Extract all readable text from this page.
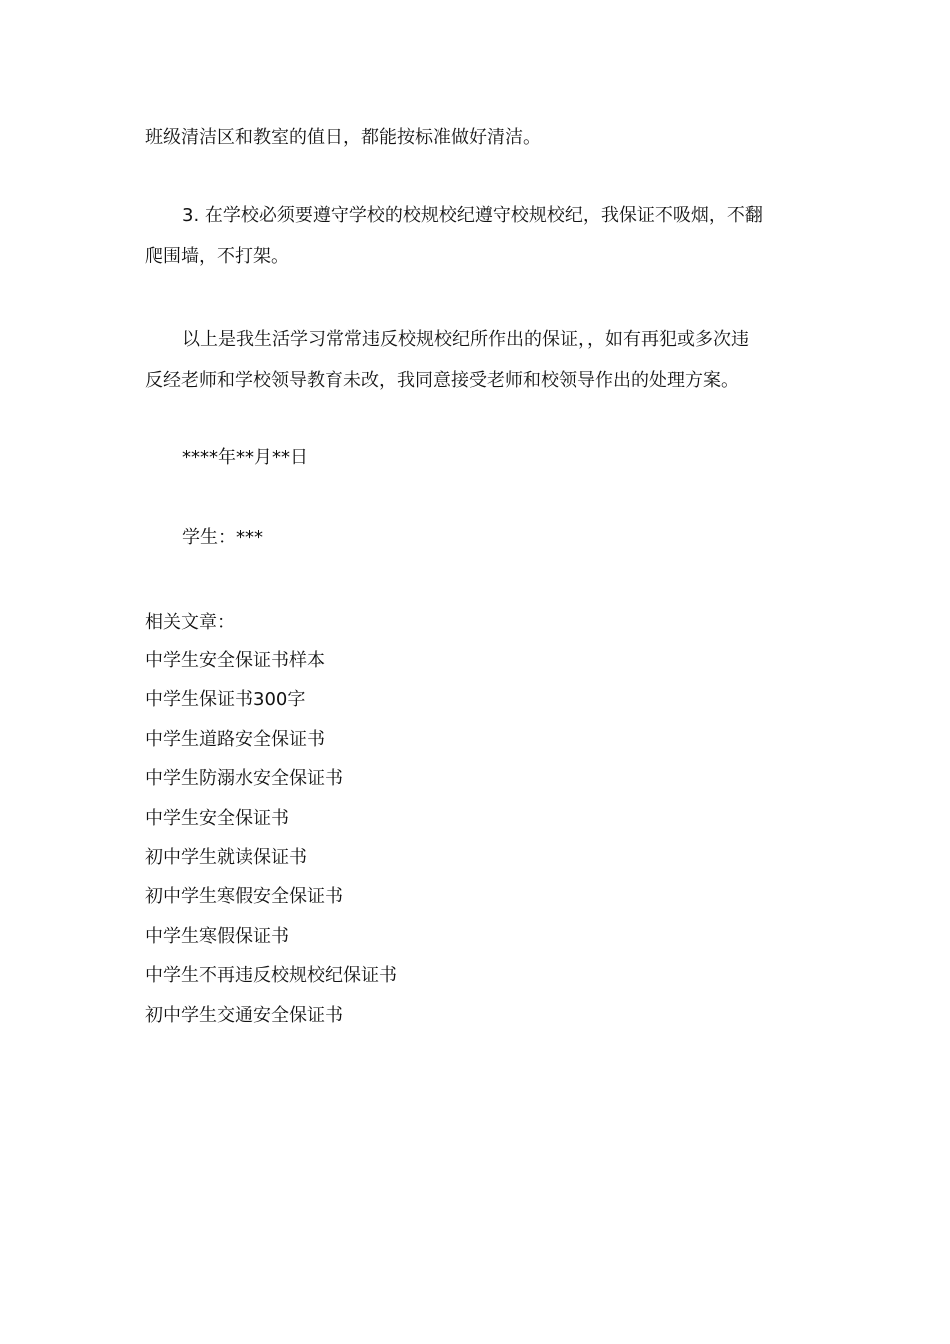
班级清洁区和教室的值日，都能按标准做好清洁。

3. 在学校必须要遵守学校的校规校纪遵守校规校纪，我保证不吸烟，不翻

爬围墙，不打架。

以上是我生活学习常常违反校规校纪所作出的保证，，如有再犯或多次违

反经老师和学校领导教育未改，我同意接受老师和校领导作出的处理方案。

****年**月**日

学生：***

相关文章：

中学生安全保证书样本
中学生保证书300字
中学生道路安全保证书
中学生防溺水安全保证书
中学生安全保证书
初中学生就读保证书
初中学生寒假安全保证书
中学生寒假保证书
中学生不再违反校规校纪保证书
初中学生交通安全保证书
